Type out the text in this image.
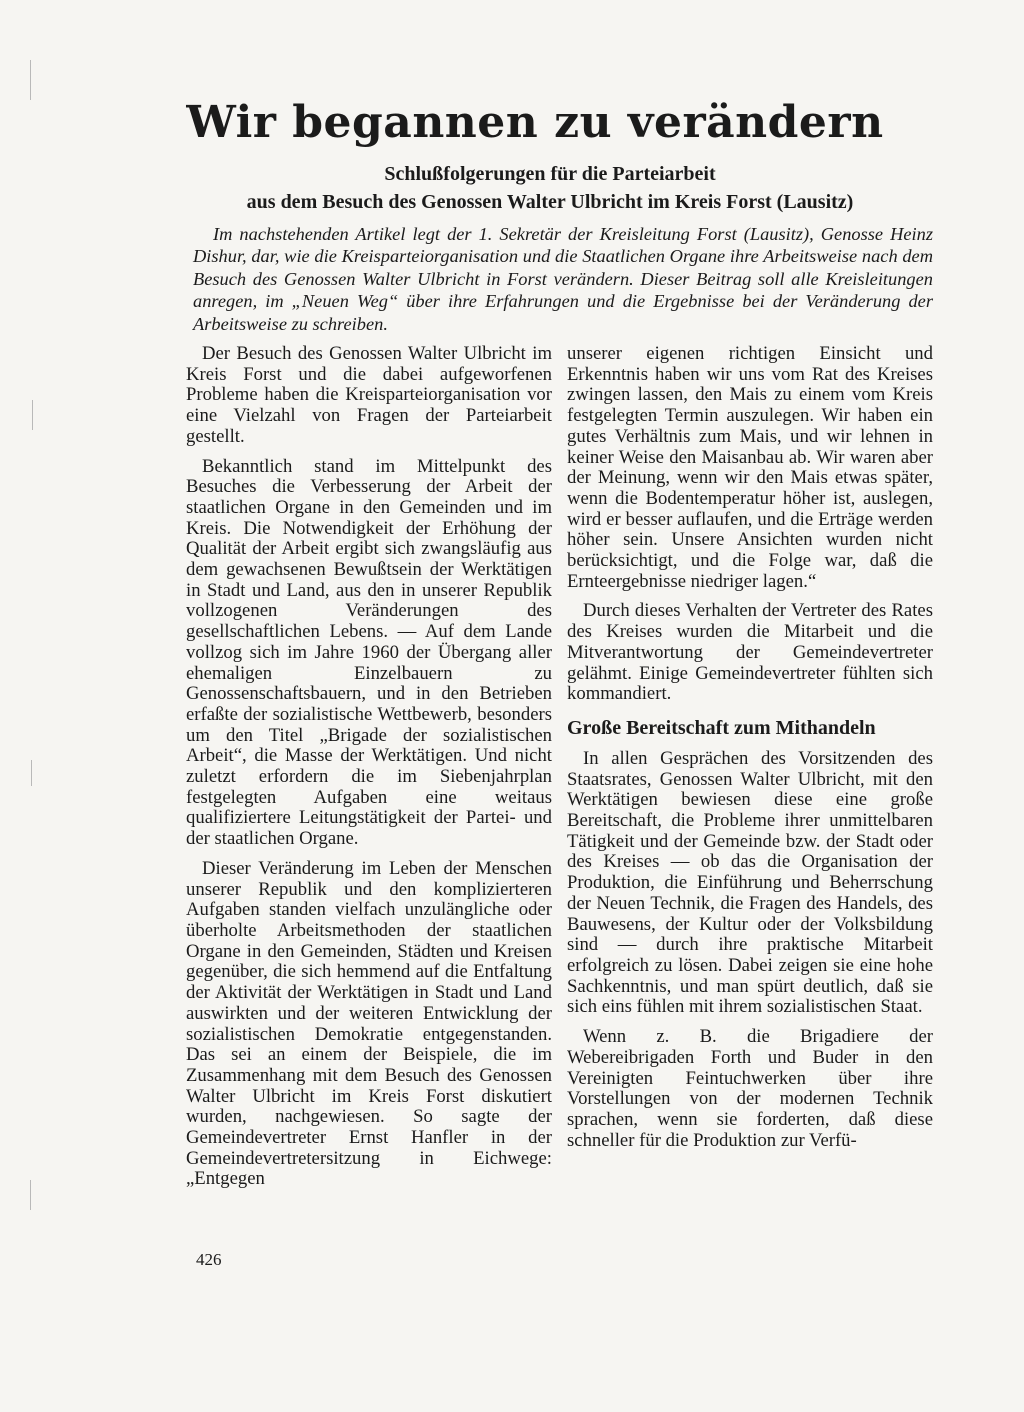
Wir begannen zu verändern
Schlußfolgerungen für die Parteiarbeit
aus dem Besuch des Genossen Walter Ulbricht im Kreis Forst (Lausitz)

Im nachstehenden Artikel legt der 1. Sekretär der Kreisleitung Forst (Lausitz), Genosse Heinz Dishur, dar, wie die Kreisparteiorganisation und die Staatlichen Organe ihre Arbeitsweise nach dem Besuch des Genossen Walter Ulbricht in Forst verändern. Dieser Beitrag soll alle Kreisleitungen anregen, im „Neuen Weg“ über ihre Erfahrungen und die Ergebnisse bei der Veränderung der Arbeitsweise zu schreiben.

Der Besuch des Genossen Walter Ulbricht im Kreis Forst und die dabei aufgeworfenen Probleme haben die Kreisparteiorganisation vor eine Vielzahl von Fragen der Parteiarbeit gestellt.

Bekanntlich stand im Mittelpunkt des Besuches die Verbesserung der Arbeit der staatlichen Organe in den Gemeinden und im Kreis. Die Notwendigkeit der Erhöhung der Qualität der Arbeit ergibt sich zwangsläufig aus dem gewachsenen Bewußtsein der Werktätigen in Stadt und Land, aus den in unserer Republik vollzogenen Veränderungen des gesellschaftlichen Lebens. — Auf dem Lande vollzog sich im Jahre 1960 der Übergang aller ehemaligen Einzelbauern zu Genossenschaftsbauern, und in den Betrieben erfaßte der sozialistische Wettbewerb, besonders um den Titel „Brigade der sozialistischen Arbeit“, die Masse der Werktätigen. Und nicht zuletzt erfordern die im Siebenjahrplan festgelegten Aufgaben eine weitaus qualifiziertere Leitungstätigkeit der Partei- und der staatlichen Organe.

Dieser Veränderung im Leben der Menschen unserer Republik und den komplizierteren Aufgaben standen vielfach unzulängliche oder überholte Arbeitsmethoden der staatlichen Organe in den Gemeinden, Städten und Kreisen gegenüber, die sich hemmend auf die Entfaltung der Aktivität der Werktätigen in Stadt und Land auswirkten und der weiteren Entwicklung der sozialistischen Demokratie entgegenstanden. Das sei an einem der Beispiele, die im Zusammenhang mit dem Besuch des Genossen Walter Ulbricht im Kreis Forst diskutiert wurden, nachgewiesen. So sagte der Gemeindevertreter Ernst Hanfler in der Gemeindevertretersitzung in Eichwege: „Entgegen

unserer eigenen richtigen Einsicht und Erkenntnis haben wir uns vom Rat des Kreises zwingen lassen, den Mais zu einem vom Kreis festgelegten Termin auszulegen. Wir haben ein gutes Verhältnis zum Mais, und wir lehnen in keiner Weise den Maisanbau ab. Wir waren aber der Meinung, wenn wir den Mais etwas später, wenn die Bodentemperatur höher ist, auslegen, wird er besser auflaufen, und die Erträge werden höher sein. Unsere Ansichten wurden nicht berücksichtigt, und die Folge war, daß die Ernteergebnisse niedriger lagen.“

Durch dieses Verhalten der Vertreter des Rates des Kreises wurden die Mitarbeit und die Mitverantwortung der Gemeindevertreter gelähmt. Einige Gemeindevertreter fühlten sich kommandiert.

Große Bereitschaft zum Mithandeln

In allen Gesprächen des Vorsitzenden des Staatsrates, Genossen Walter Ulbricht, mit den Werktätigen bewiesen diese eine große Bereitschaft, die Probleme ihrer unmittelbaren Tätigkeit und der Gemeinde bzw. der Stadt oder des Kreises — ob das die Organisation der Produktion, die Einführung und Beherrschung der Neuen Technik, die Fragen des Handels, des Bauwesens, der Kultur oder der Volksbildung sind — durch ihre praktische Mitarbeit erfolgreich zu lösen. Dabei zeigen sie eine hohe Sachkenntnis, und man spürt deutlich, daß sie sich eins fühlen mit ihrem sozialistischen Staat.

Wenn z. B. die Brigadiere der Webereibrigaden Forth und Buder in den Vereinigten Feintuchwerken über ihre Vorstellungen von der modernen Technik sprachen, wenn sie forderten, daß diese schneller für die Produktion zur Verfü-

426
